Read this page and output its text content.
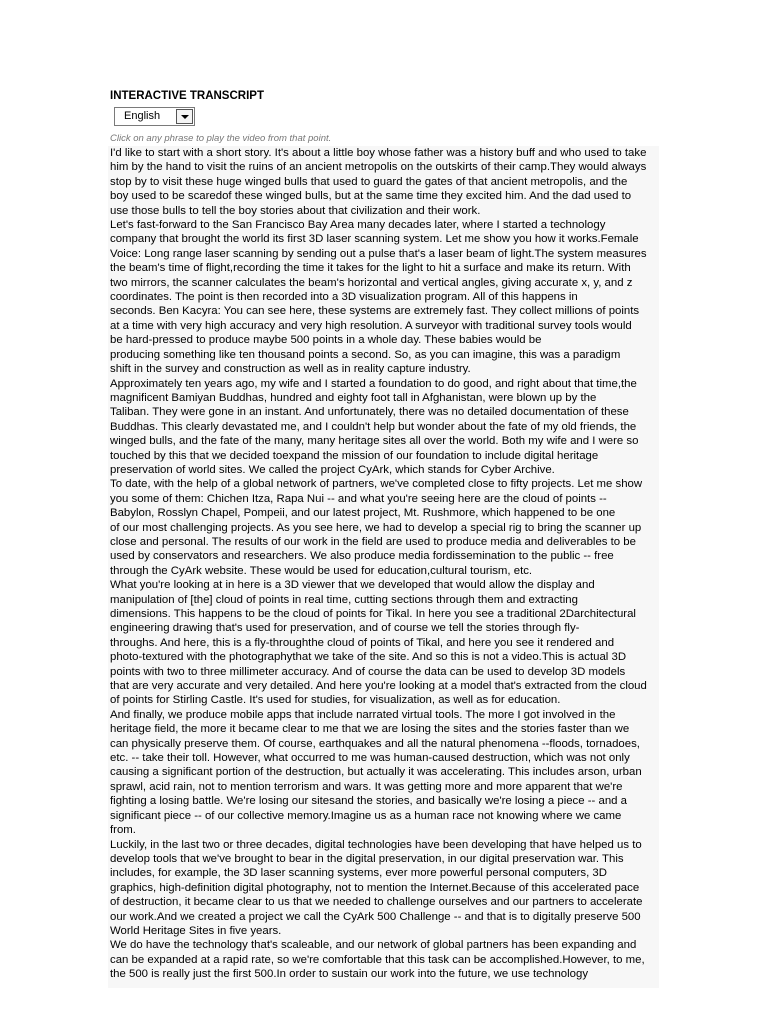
INTERACTIVE TRANSCRIPT
English
Click on any phrase to play the video from that point.
I'd like to start with a short story. It's about a little boy whose father was a history buff and who used to take
him by the hand to visit the ruins of an ancient metropolis on the outskirts of their camp.They would always
stop by to visit these huge winged bulls that used to guard the gates of that ancient metropolis, and the
boy used to be scaredof these winged bulls, but at the same time they excited him. And the dad used to
use those bulls to tell the boy stories about that civilization and their work.
Let's fast-forward to the San Francisco Bay Area many decades later, where I started a technology
company that brought the world its first 3D laser scanning system. Let me show you how it works.Female
Voice: Long range laser scanning by sending out a pulse that's a laser beam of light.The system measures
the beam's time of flight,recording the time it takes for the light to hit a surface and make its return. With
two mirrors, the scanner calculates the beam's horizontal and vertical angles, giving accurate x, y, and z
coordinates. The point is then recorded into a 3D visualization program. All of this happens in
seconds. Ben Kacyra: You can see here, these systems are extremely fast. They collect millions of points
at a time with very high accuracy and very high resolution. A surveyor with traditional survey tools would
be hard-pressed to produce maybe 500 points in a whole day. These babies would be
producing something like ten thousand points a second. So, as you can imagine, this was a paradigm
shift in the survey and construction as well as in reality capture industry.
Approximately ten years ago, my wife and I started a foundation to do good, and right about that time,the
magnificent Bamiyan Buddhas, hundred and eighty foot tall in Afghanistan, were blown up by the
Taliban. They were gone in an instant. And unfortunately, there was no detailed documentation of these
Buddhas. This clearly devastated me, and I couldn't help but wonder about the fate of my old friends, the
winged bulls, and the fate of the many, many heritage sites all over the world. Both my wife and I were so
touched by this that we decided toexpand the mission of our foundation to include digital heritage
preservation of world sites. We called the project CyArk, which stands for Cyber Archive.
To date, with the help of a global network of partners, we've completed close to fifty projects. Let me show
you some of them: Chichen Itza, Rapa Nui -- and what you're seeing here are the cloud of points --
Babylon, Rosslyn Chapel, Pompeii, and our latest project, Mt. Rushmore, which happened to be one
of our most challenging projects. As you see here, we had to develop a special rig to bring the scanner up
close and personal. The results of our work in the field are used to produce media and deliverables to be
used by conservators and researchers. We also produce media fordissemination to the public -- free
through the CyArk website. These would be used for education,cultural tourism, etc.
What you're looking at in here is a 3D viewer that we developed that would allow the display and
manipulation of [the] cloud of points in real time, cutting sections through them and extracting
dimensions. This happens to be the cloud of points for Tikal. In here you see a traditional 2Darchitectural
engineering drawing that's used for preservation, and of course we tell the stories through fly-
throughs. And here, this is a fly-throughthe cloud of points of Tikal, and here you see it rendered and
photo-textured with the photographythat we take of the site. And so this is not a video.This is actual 3D
points with two to three millimeter accuracy. And of course the data can be used to develop 3D models
that are very accurate and very detailed. And here you're looking at a model that's extracted from the cloud
of points for Stirling Castle. It's used for studies, for visualization, as well as for education.
And finally, we produce mobile apps that include narrated virtual tools. The more I got involved in the
heritage field, the more it became clear to me that we are losing the sites and the stories faster than we
can physically preserve them. Of course, earthquakes and all the natural phenomena --floods, tornadoes,
etc. -- take their toll. However, what occurred to me was human-caused destruction, which was not only
causing a significant portion of the destruction, but actually it was accelerating. This includes arson, urban
sprawl, acid rain, not to mention terrorism and wars. It was getting more and more apparent that we're
fighting a losing battle. We're losing our sitesand the stories, and basically we're losing a piece -- and a
significant piece -- of our collective memory.Imagine us as a human race not knowing where we came
from.
Luckily, in the last two or three decades, digital technologies have been developing that have helped us to
develop tools that we've brought to bear in the digital preservation, in our digital preservation war. This
includes, for example, the 3D laser scanning systems, ever more powerful personal computers, 3D
graphics, high-definition digital photography, not to mention the Internet.Because of this accelerated pace
of destruction, it became clear to us that we needed to challenge ourselves and our partners to accelerate
our work.And we created a project we call the CyArk 500 Challenge -- and that is to digitally preserve 500
World Heritage Sites in five years.
We do have the technology that's scaleable, and our network of global partners has been expanding and
can be expanded at a rapid rate, so we're comfortable that this task can be accomplished.However, to me,
the 500 is really just the first 500.In order to sustain our work into the future, we use technology
